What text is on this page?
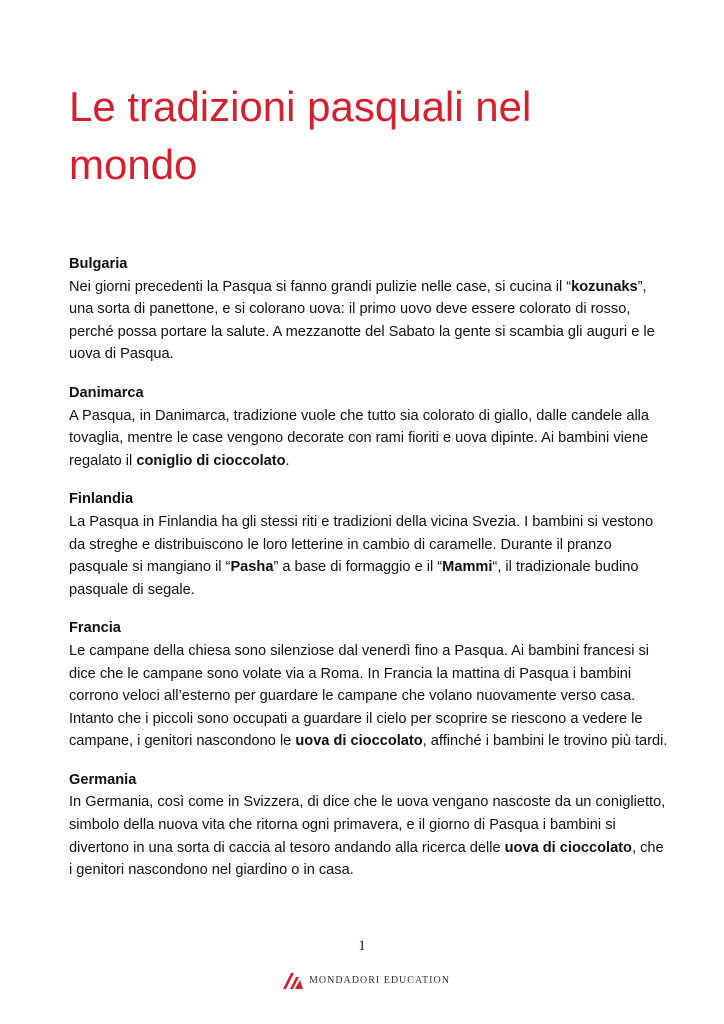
Le tradizioni pasquali nel mondo
Bulgaria
Nei giorni precedenti la Pasqua si fanno grandi pulizie nelle case, si cucina il “kozunaks”, una sorta di panettone, e si colorano uova: il primo uovo deve essere colorato di rosso, perché possa portare la salute. A mezzanotte del Sabato la gente si scambia gli auguri e le uova di Pasqua.
Danimarca
A Pasqua, in Danimarca, tradizione vuole che tutto sia colorato di giallo, dalle candele alla tovaglia, mentre le case vengono decorate con rami fioriti e uova dipinte. Ai bambini viene regalato il coniglio di cioccolato.
Finlandia
La Pasqua in Finlandia ha gli stessi riti e tradizioni della vicina Svezia. I bambini si vestono da streghe e distribuiscono le loro letterine in cambio di caramelle. Durante il pranzo pasquale si mangiano il “Pasha” a base di formaggio e il “Mammi“, il tradizionale budino pasquale di segale.
Francia
Le campane della chiesa sono silenziose dal venerdì fino a Pasqua. Ai bambini francesi si dice che le campane sono volate via a Roma. In Francia la mattina di Pasqua i bambini corrono veloci all’esterno per guardare le campane che volano nuovamente verso casa. Intanto che i piccoli sono occupati a guardare il cielo per scoprire se riescono a vedere le campane, i genitori nascondono le uova di cioccolato, affinché i bambini le trovino più tardi.
Germania
In Germania, così come in Svizzera, di dice che le uova vengano nascoste da un coniglietto, simbolo della nuova vita che ritorna ogni primavera, e il giorno di Pasqua i bambini si divertono in una sorta di caccia al tesoro andando alla ricerca delle uova di cioccolato, che i genitori nascondono nel giardino o in casa.
1
MONDADORI EDUCATION
